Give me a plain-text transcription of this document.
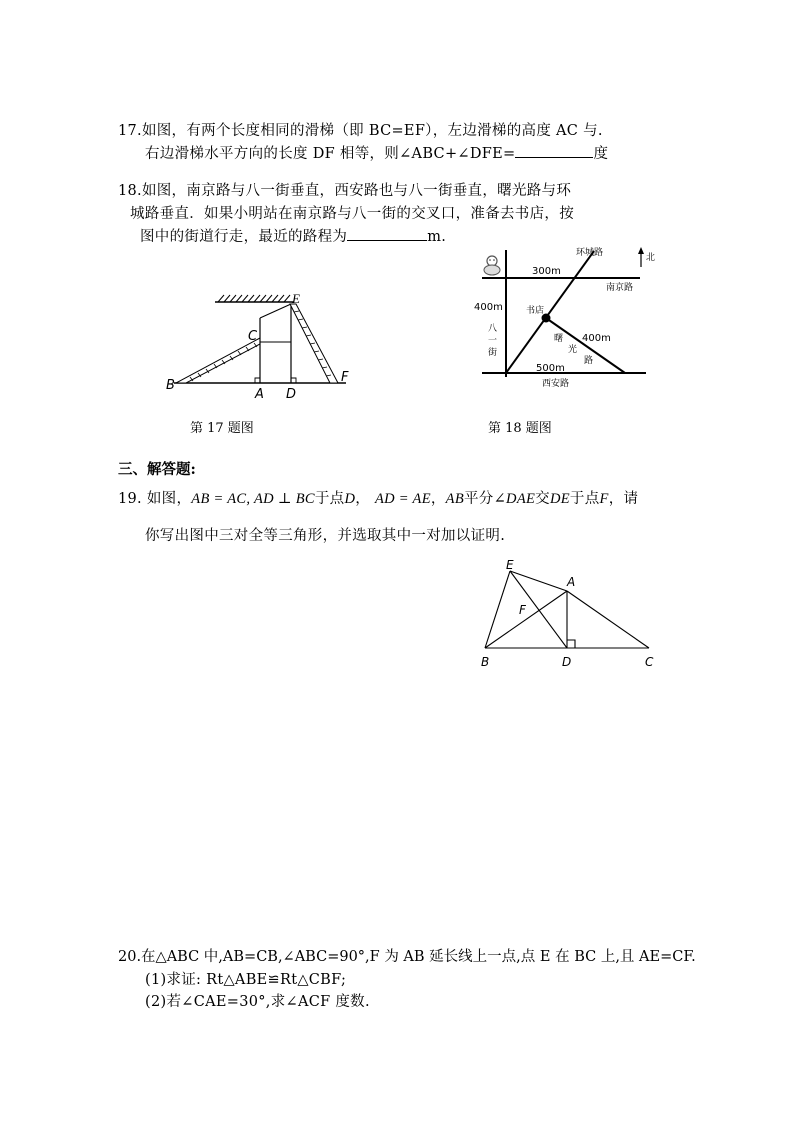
17.如图，有两个长度相同的滑梯（即 BC=EF），左边滑梯的高度 AC 与.
右边滑梯水平方向的长度 DF 相等，则∠ABC+∠DFE=	度
18.如图，南京路与八一街垂直，西安路也与八一街垂直，曙光路与环
城路垂直．如果小明站在南京路与八一街的交叉口，准备去书店，按
图中的街道行走，最近的路程为	m.
E
C
B
A D
F
第 17 题图
北
环城路
300m
南京路
400m	书店
八
一
街
400m
曙
光
路
500m
西安路
第 18 题图
三、解答题:
19. 如图，AB = AC, AD ⊥ BC于点D， AD = AE，AB平分∠DAE交DE于点F，请
你写出图中三对全等三角形，并选取其中一对加以证明.
E
A
F
B	D	C
20.在△ABC 中,AB=CB,∠ABC=90°,F 为 AB 延长线上一点,点 E 在 BC 上,且 AE=CF.
(1)求证: Rt△ABE≌Rt△CBF;
(2)若∠CAE=30°,求∠ACF 度数.
